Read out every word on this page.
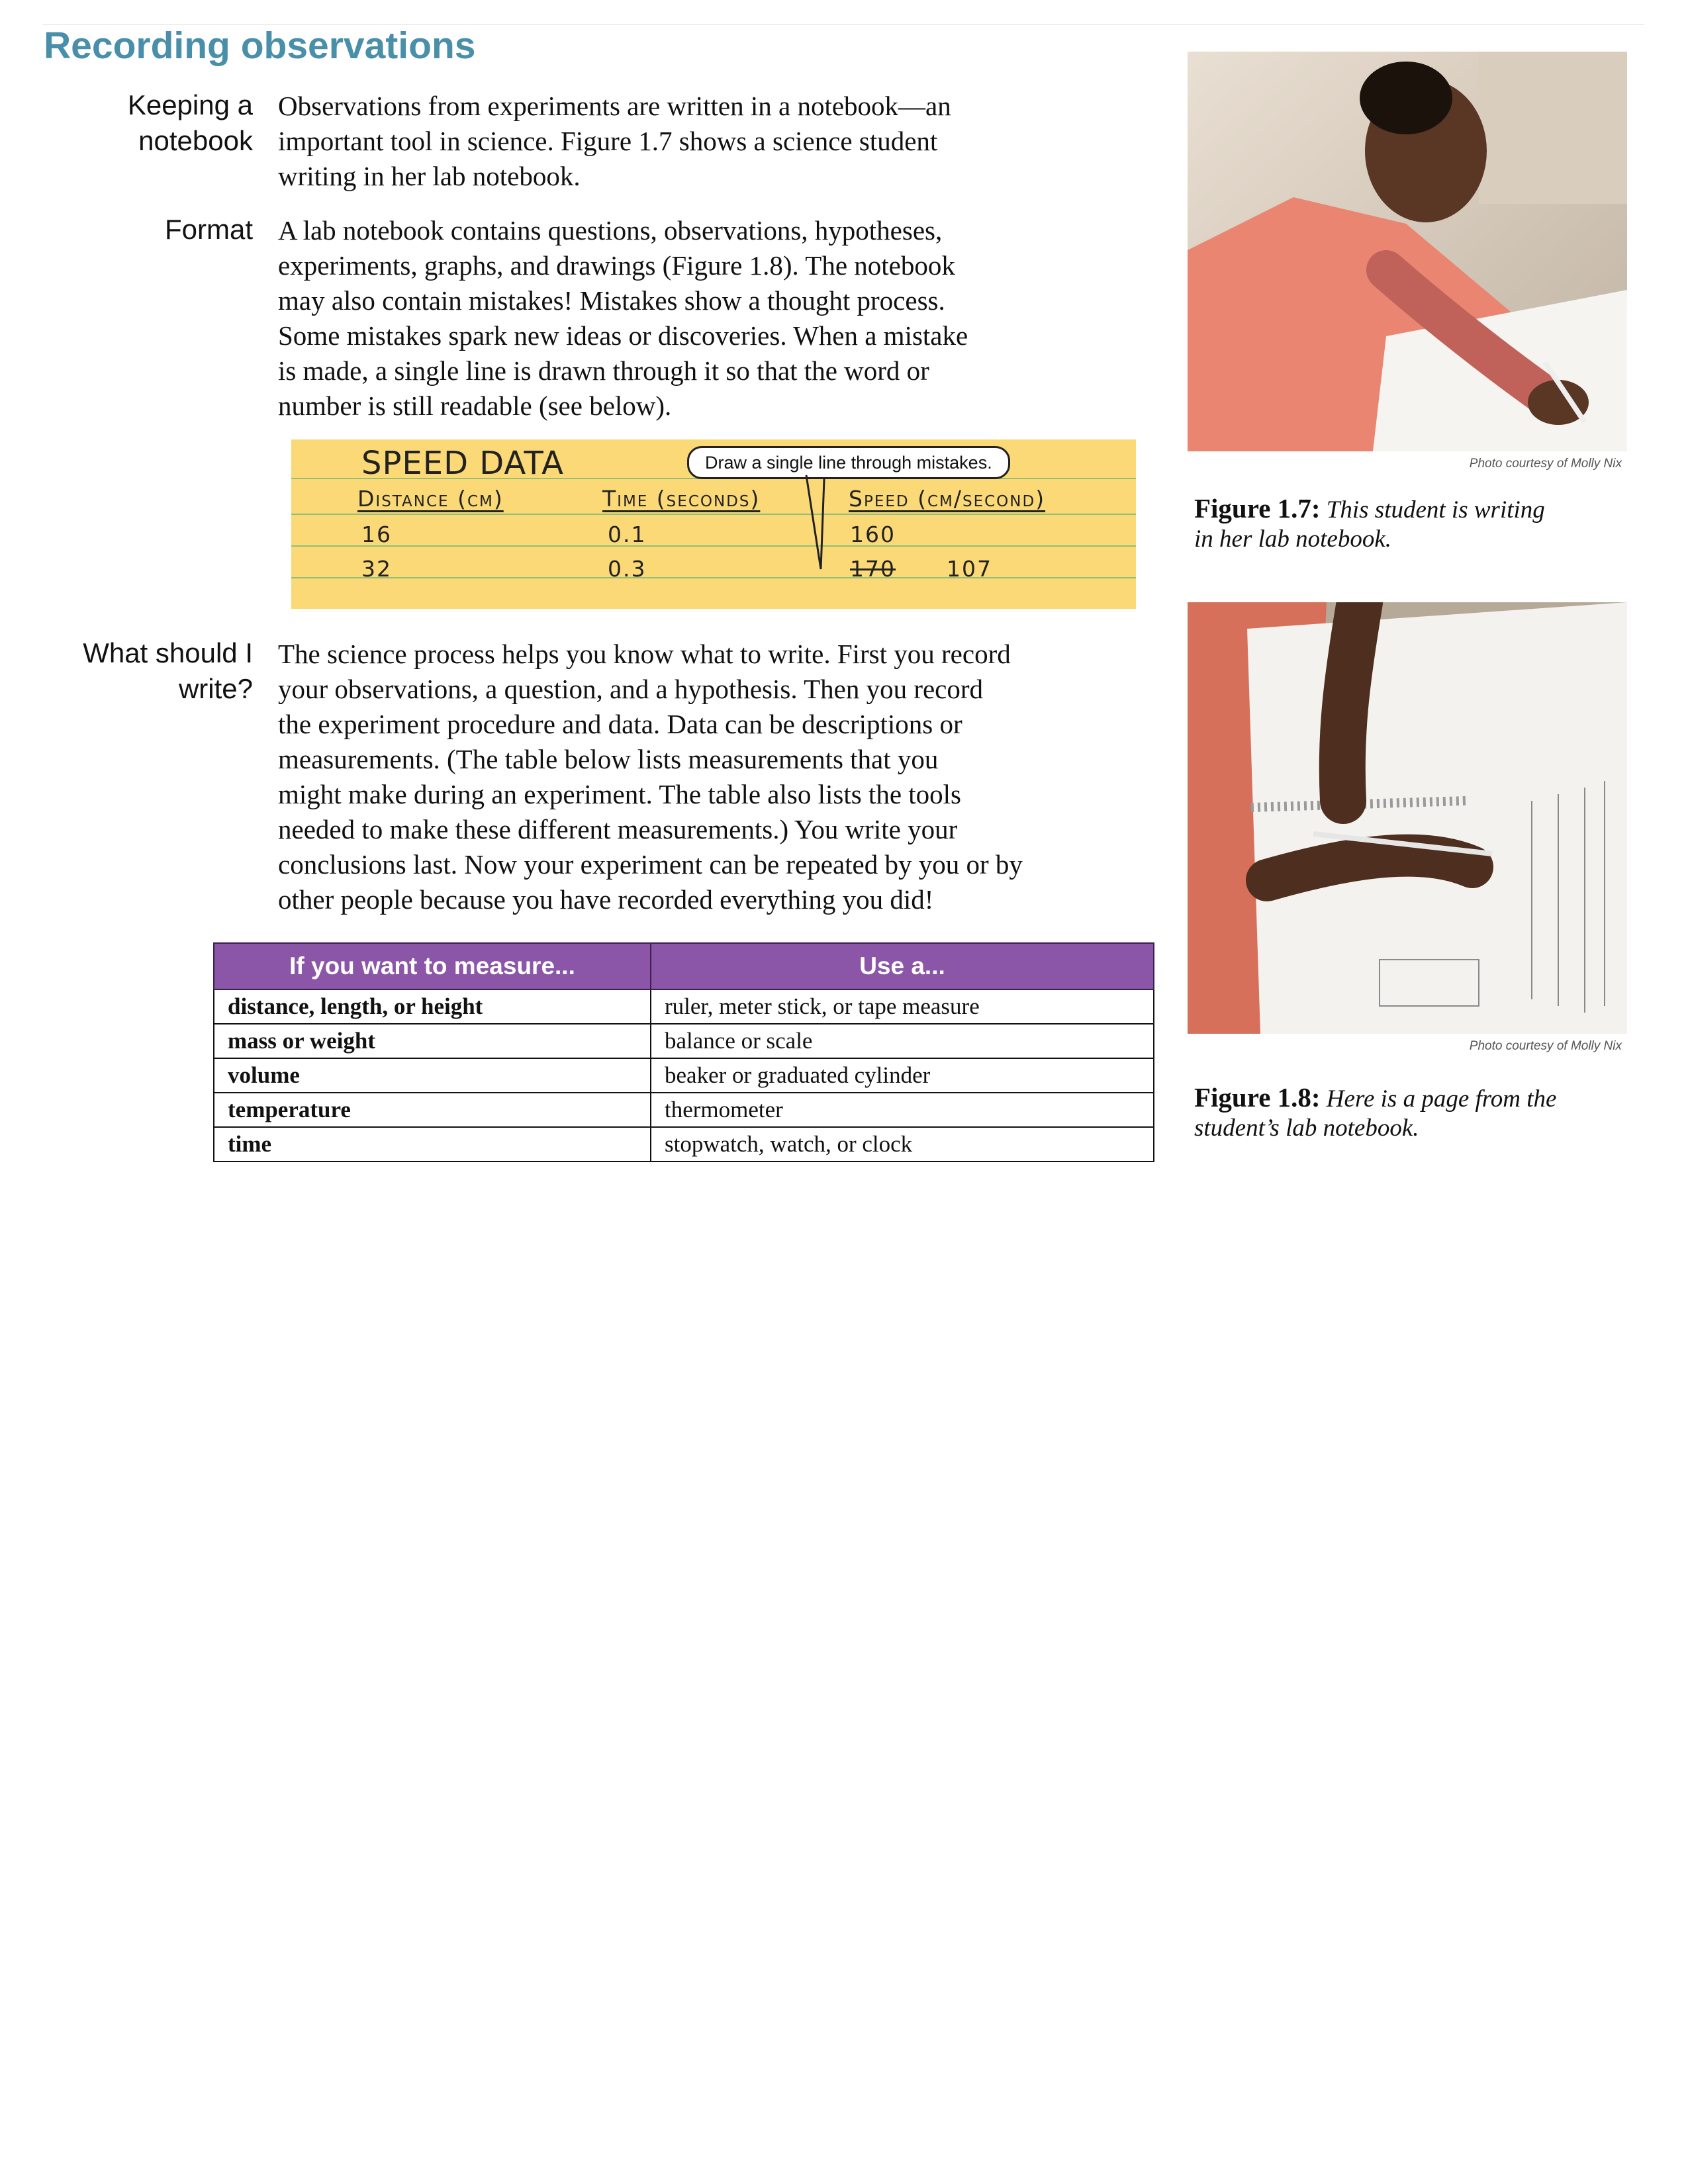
Recording observations
Keeping a
notebook
Observations from experiments are written in a notebook—an
important tool in science. Figure 1.7 shows a science student
writing in her lab notebook.
Format A lab notebook contains questions, observations, hypotheses,
experiments, graphs, and drawings (Figure 1.8). The notebook
may also contain mistakes! Mistakes show a thought process.
Some mistakes spark new ideas or discoveries. When a mistake
is made, a single line is drawn through it so that the word or
number is still readable (see below).
SPEED DATA	Draw a single line through mistakes.
Distance (cm)	Time (seconds)	Speed (cm/second)
16	0.1	160
32	0.3	170 107
What should I
write?
The science process helps you know what to write. First you record
your observations, a question, and a hypothesis. Then you record
the experiment procedure and data. Data can be descriptions or
measurements. (The table below lists measurements that you
might make during an experiment. The table also lists the tools
needed to make these different measurements.) You write your
conclusions last. Now your experiment can be repeated by you or by
other people because you have recorded everything you did!
If you want to measure...	Use a...
distance, length, or height	ruler, meter stick, or tape measure
mass or weight	balance or scale
volume	beaker or graduated cylinder
temperature	thermometer
time	stopwatch, watch, or clock
Photo courtesy of Molly Nix
Figure 1.7: This student is writing
in her lab notebook.
Photo courtesy of Molly Nix
Figure 1.8: Here is a page from the
student’s lab notebook.
